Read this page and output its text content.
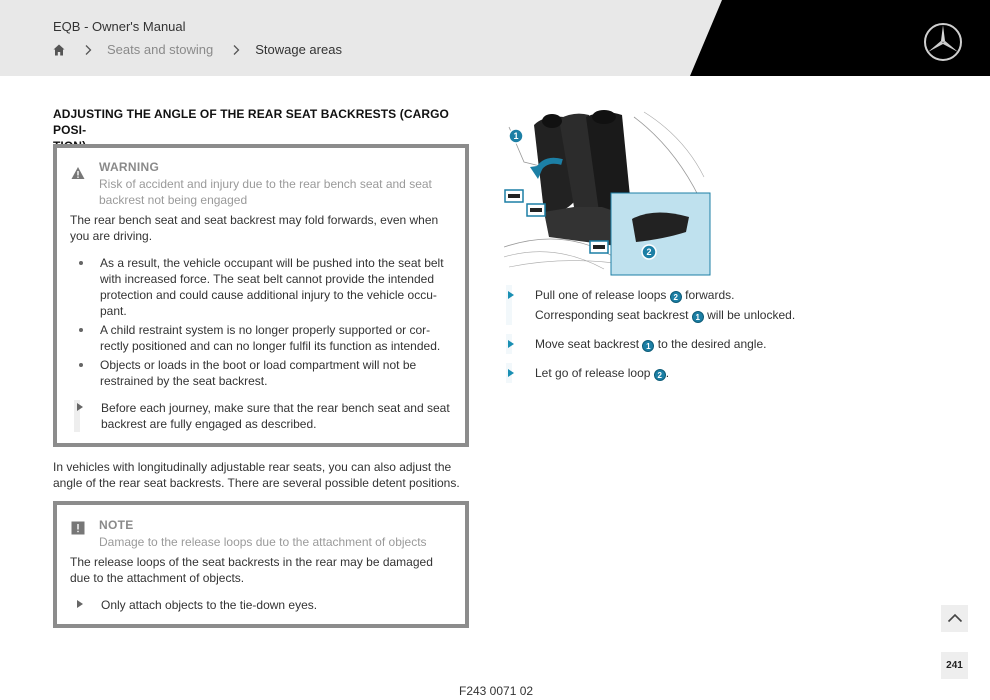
EQB - Owner's Manual
Seats and stowing	Stowage areas
ADJUSTING THE ANGLE OF THE REAR SEAT BACKRESTS (CARGO POSI-
WARNING
Risk of accident and injury due to the rear bench seat and seat backrest not being engaged
The rear bench seat and seat backrest may fold forwards, even when you are driving.
As a result, the vehicle occupant will be pushed into the seat belt with increased force. The seat belt cannot provide the intended protection and could cause additional injury to the vehicle occu-pant.
A child restraint system is no longer properly supported or cor-rectly positioned and can no longer fulfil its function as intended.
Objects or loads in the boot or load compartment will not be restrained by the seat backrest.
Before each journey, make sure that the rear bench seat and seat backrest are fully engaged as described.
In vehicles with longitudinally adjustable rear seats, you can also adjust the angle of the rear seat backrests. There are several possible detent positions.
NOTE
Damage to the release loops due to the attachment of objects
The release loops of the seat backrests in the rear may be damaged due to the attachment of objects.
Only attach objects to the tie-down eyes.
1
2
Pull one of release loops 2 forwards.
Corresponding seat backrest 1 will be unlocked.
Move seat backrest 1 to the desired angle.
Let go of release loop 2 .
F243 0071 02
241
